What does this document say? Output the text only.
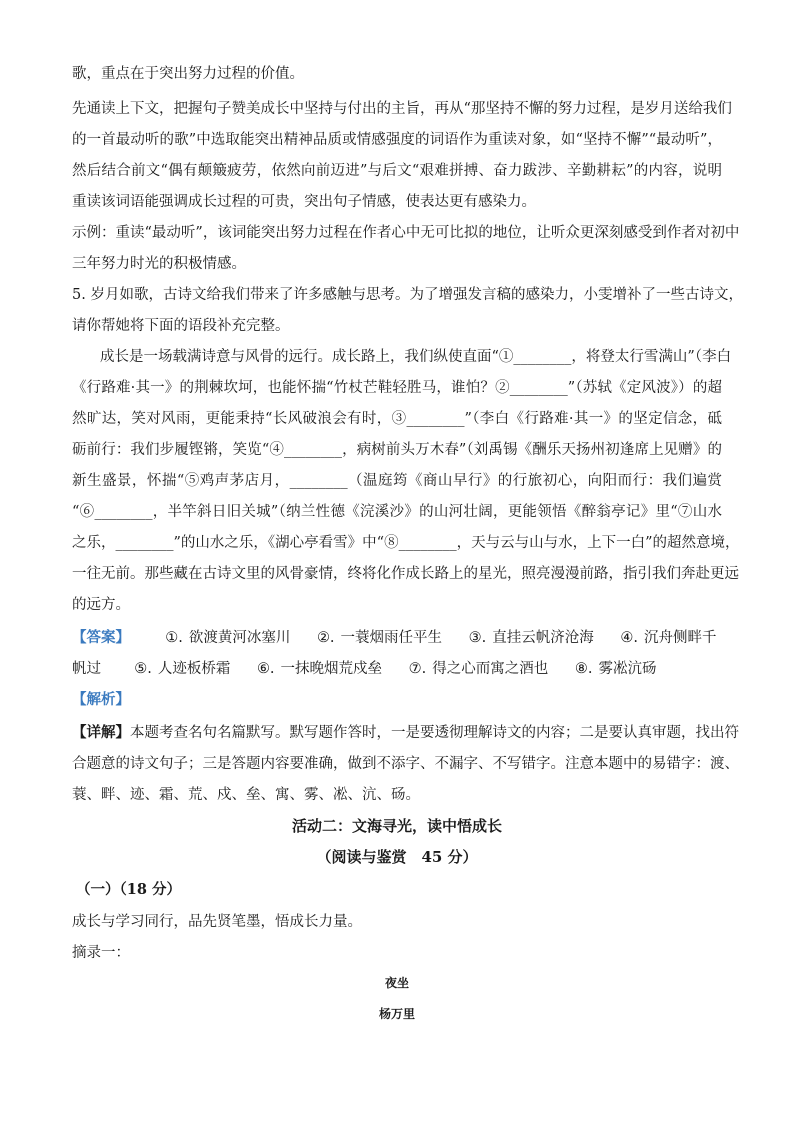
歌，重点在于突出努力过程的价值。
先通读上下文，把握句子赞美成长中坚持与付出的主旨，再从“那坚持不懈的努力过程，是岁月送给我们
的一首最动听的歌”中选取能突出精神品质或情感强度的词语作为重读对象，如“坚持不懈”“最动听”，
然后结合前文“偶有颠簸疲劳，依然向前迈进”与后文“艰难拼搏、奋力跋涉、辛勤耕耘”的内容，说明
重读该词语能强调成长过程的可贵，突出句子情感，使表达更有感染力。
示例：重读“最动听”，该词能突出努力过程在作者心中无可比拟的地位，让听众更深刻感受到作者对初中
三年努力时光的积极情感。
5. 岁月如歌，古诗文给我们带来了许多感触与思考。为了增强发言稿的感染力，小雯增补了一些古诗文，
请你帮她将下面的语段补充完整。
成长是一场载满诗意与风骨的远行。成长路上，我们纵使直面“①________，将登太行雪满山”（李白
《行路难·其一》的荆棘坎坷，也能怀揣“竹杖芒鞋轻胜马，谁怕？②________”（苏轼《定风波》）的超
然旷达，笑对风雨，更能秉持“长风破浪会有时，③________”（李白《行路难·其一》的坚定信念，砥
砺前行：我们步履铿锵，笑览“④________，病树前头万木春”（刘禹锡《酬乐天扬州初逢席上见赠》的
新生盛景，怀揣“⑤鸡声茅店月，________（温庭筠《商山早行》的行旅初心，向阳而行：我们遍赏
“⑥________，半竿斜日旧关城”（纳兰性德《浣溪沙》的山河壮阔，更能领悟《醉翁亭记》里“⑦山水
之乐，________”的山水之乐，《湖心亭看雪》中“⑧________，天与云与山与水，上下一白”的超然意境，
一往无前。那些藏在古诗文里的风骨豪情，终将化作成长路上的星光，照亮漫漫前路，指引我们奔赴更远
的远方。
【答案】 ①. 欲渡黄河冰塞川 ②. 一蓑烟雨任平生 ③. 直挂云帆济沧海 ④. 沉舟侧畔千
帆过 ⑤. 人迹板桥霜 ⑥. 一抹晚烟荒戍垒 ⑦. 得之心而寓之酒也 ⑧. 雾凇沆砀
【解析】
【详解】本题考查名句名篇默写。默写题作答时，一是要透彻理解诗文的内容；二是要认真审题，找出符
合题意的诗文句子；三是答题内容要准确，做到不添字、不漏字、不写错字。注意本题中的易错字：渡、
蓑、畔、迹、霜、荒、戍、垒、寓、雾、凇、沆、砀。
活动二：文海寻光，读中悟成长
（阅读与鉴赏　45 分）
（一）（18 分）
成长与学习同行，品先贤笔墨，悟成长力量。
摘录一：
夜坐
杨万里
